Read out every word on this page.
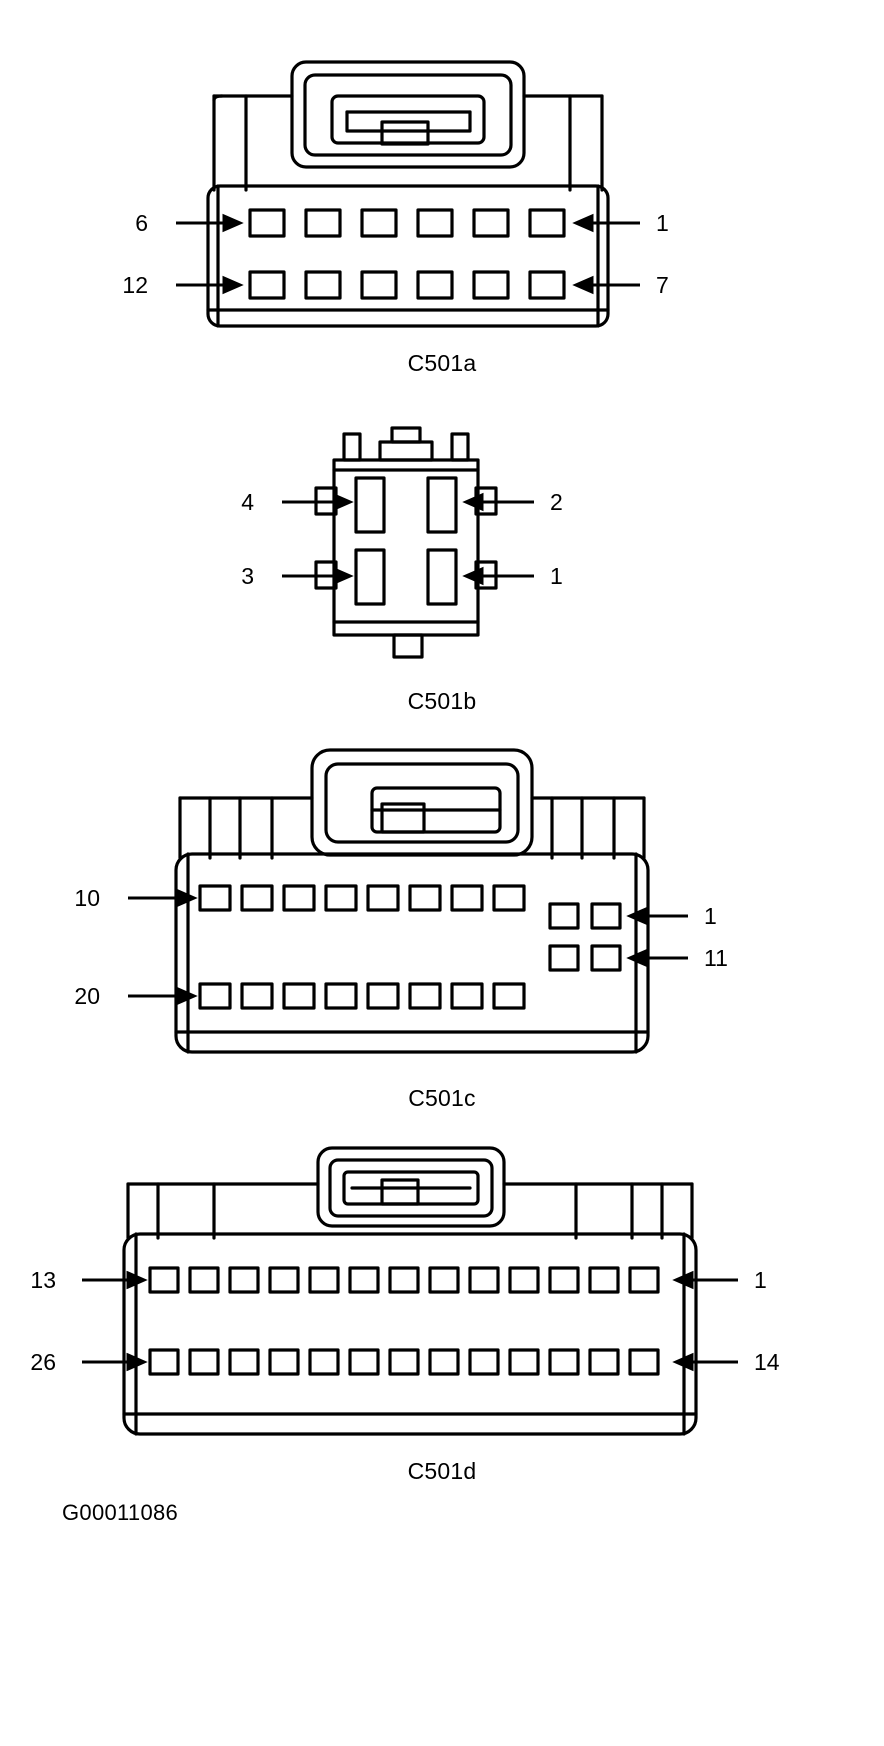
6
12
1
7
C501a
4
3
2
1
C501b
10
20
1
11
C501c
13
26
1
14
C501d
G00011086
